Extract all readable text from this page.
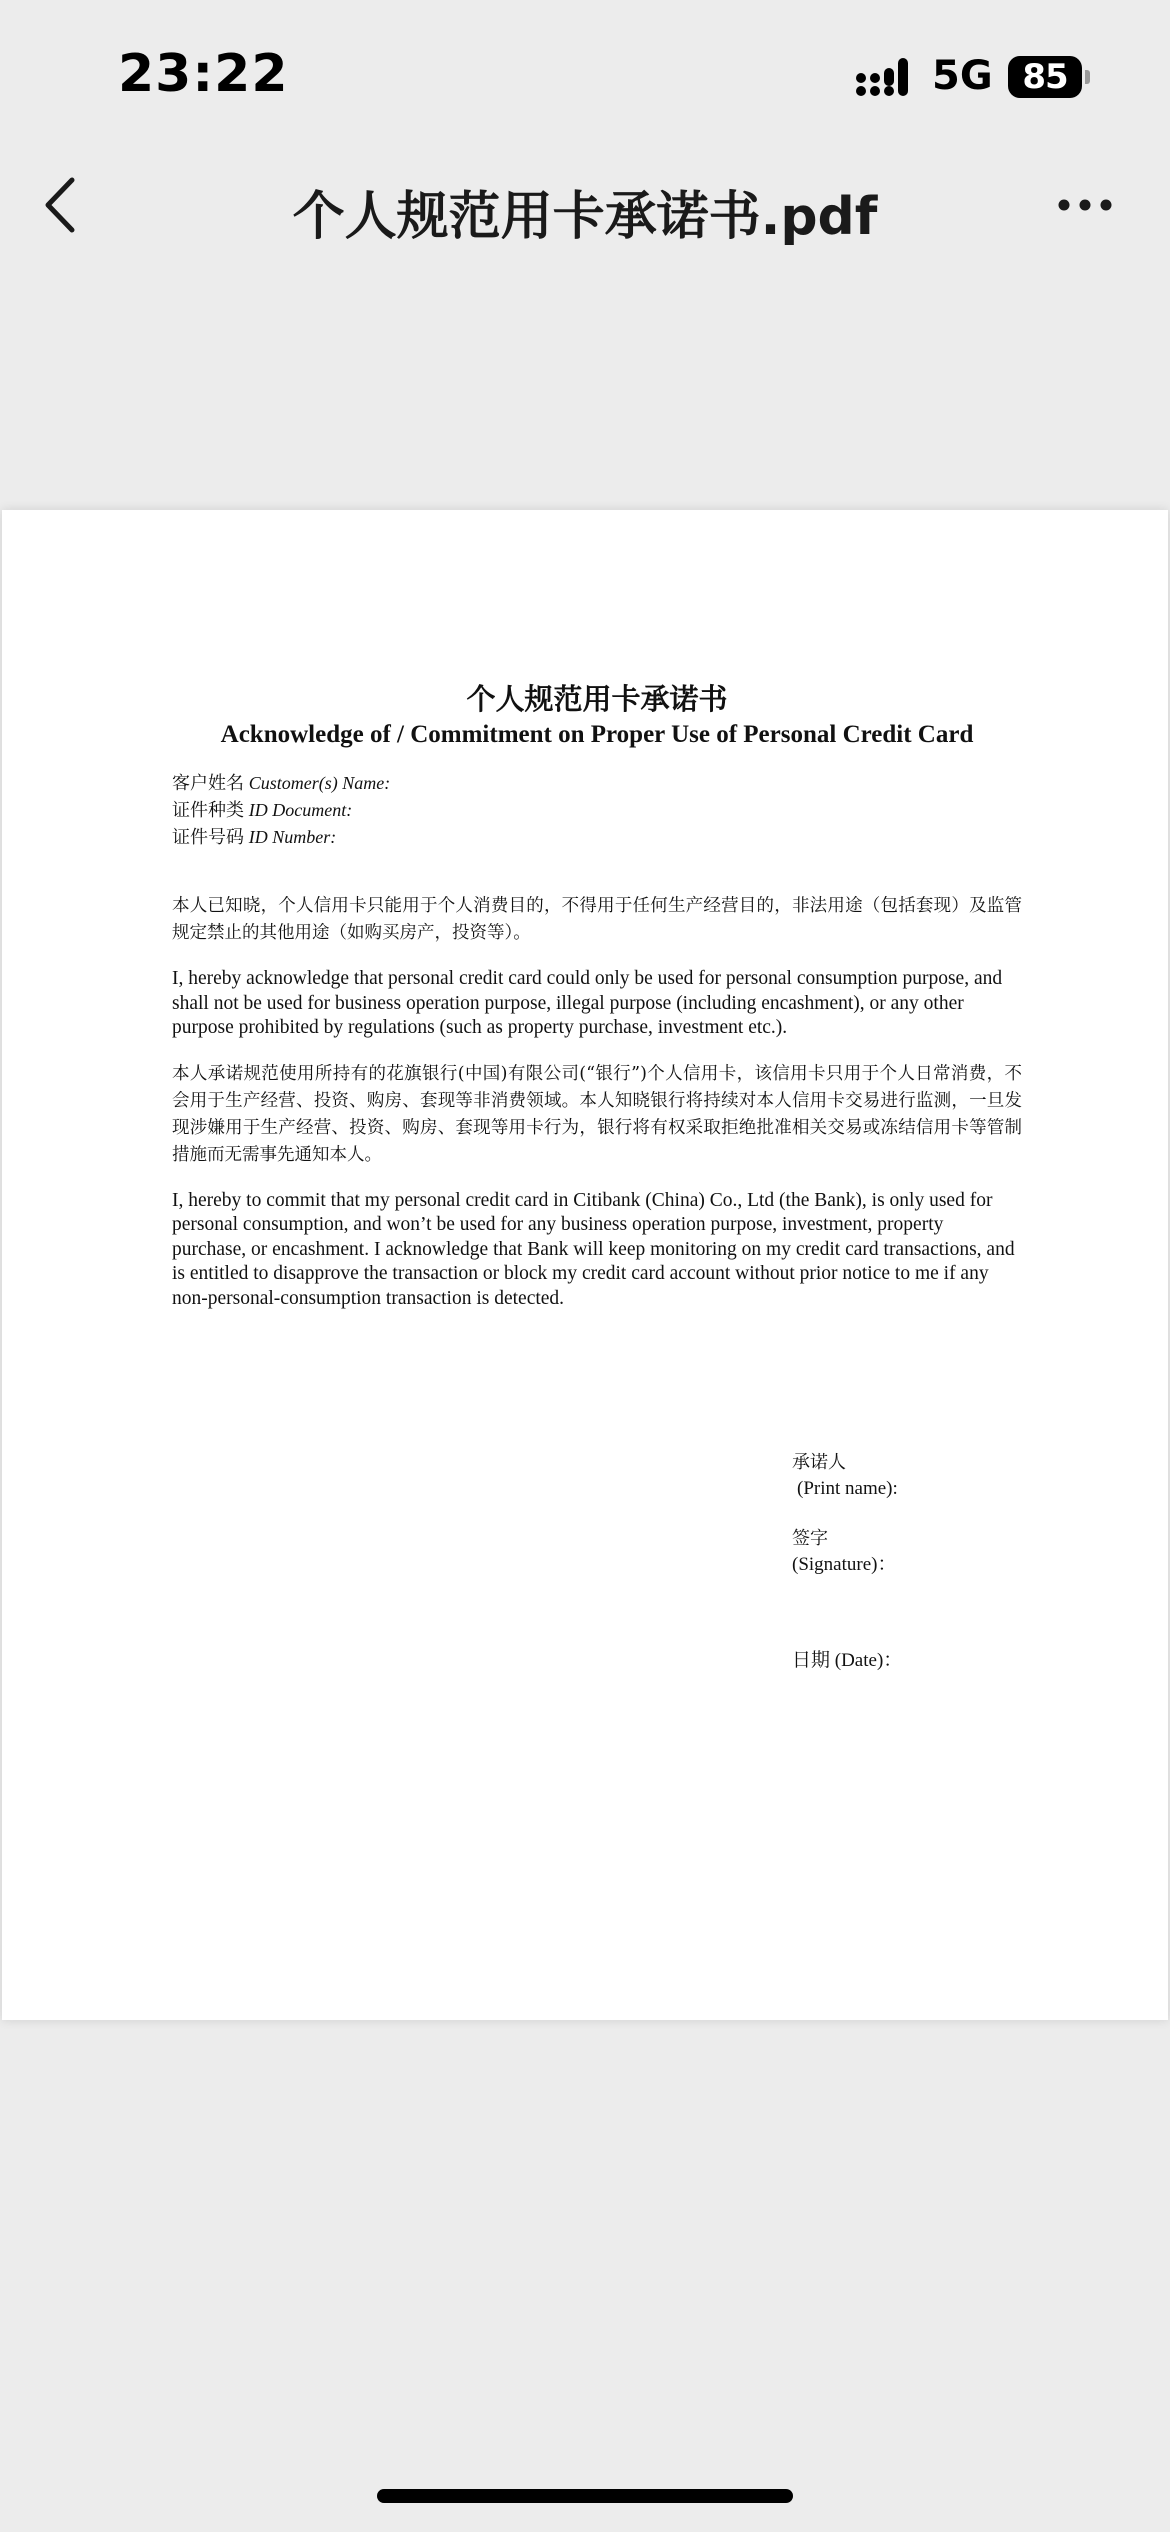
23:22	5G 85
个人规范用卡承诺书.pdf

个人规范用卡承诺书

Acknowledge of / Commitment on Proper Use of Personal Credit Card

客户姓名 Customer(s) Name:
证件种类 ID Document:
证件号码 ID Number:

本人已知晓，个人信用卡只能用于个人消费目的，不得用于任何生产经营目的，非法用途（包括套现）及监管规定禁止的其他用途（如购买房产，投资等）。

I, hereby acknowledge that personal credit card could only be used for personal consumption purpose, and shall not be used for business operation purpose, illegal purpose (including encashment), or any other purpose prohibited by regulations (such as property purchase, investment etc.).

本人承诺规范使用所持有的花旗银行(中国)有限公司(“银行”)个人信用卡，该信用卡只用于个人日常消费，不会用于生产经营、投资、购房、套现等非消费领域。本人知晓银行将持续对本人信用卡交易进行监测，一旦发现涉嫌用于生产经营、投资、购房、套现等用卡行为，银行将有权采取拒绝批准相关交易或冻结信用卡等管制措施而无需事先通知本人。

I, hereby to commit that my personal credit card in Citibank (China) Co., Ltd (the Bank), is only used for personal consumption, and won’t be used for any business operation purpose, investment, property purchase, or encashment. I acknowledge that Bank will keep monitoring on my credit card transactions, and is entitled to disapprove the transaction or block my credit card account without prior notice to me if any non-personal-consumption transaction is detected.

承诺人
(Print name):
签字
(Signature)：
日期 (Date)：
